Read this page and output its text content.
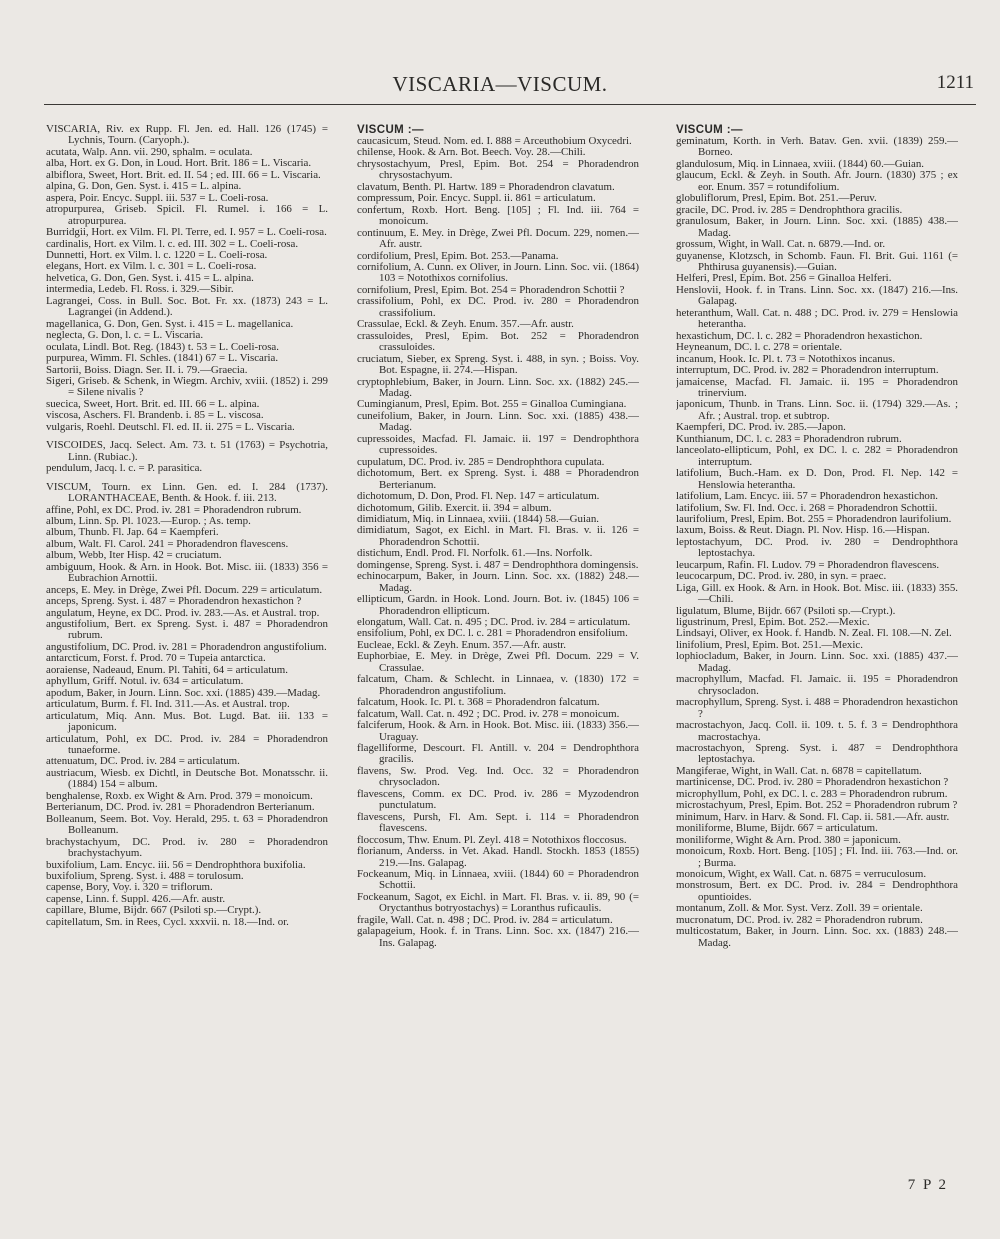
VISCARIA—VISCUM.	1211
VISCARIA, Riv. ex Rupp. Fl. Jen. ed. Hall. 126 (1745) = Lychnis, Tourn. (Caryoph.).
acutata, Walp. Ann. vii. 290, sphalm. = oculata.
alba, Hort. ex G. Don, in Loud. Hort. Brit. 186 = L. Viscaria.
albiflora, Sweet, Hort. Brit. ed. II. 54 ; ed. III. 66 = L. Viscaria.
alpina, G. Don, Gen. Syst. i. 415 = L. alpina.
aspera, Poir. Encyc. Suppl. iii. 537 = L. Coeli-rosa.
atropurpurea, Griseb. Spicil. Fl. Rumel. i. 166 = L. atropurpurea.
Burridgii, Hort. ex Vilm. Fl. Pl. Terre, ed. I. 957 = L. Coeli-rosa.
cardinalis, Hort. ex Vilm. l. c. ed. III. 302 = L. Coeli-rosa.
Dunnetti, Hort. ex Vilm. l. c. 1220 = L. Coeli-rosa.
elegans, Hort. ex Vilm. l. c. 301 = L. Coeli-rosa.
helvetica, G. Don, Gen. Syst. i. 415 = L. alpina.
intermedia, Ledeb. Fl. Ross. i. 329.—Sibir.
Lagrangei, Coss. in Bull. Soc. Bot. Fr. xx. (1873) 243 = L. Lagrangei (in Addend.).
magellanica, G. Don, Gen. Syst. i. 415 = L. magellanica.
neglecta, G. Don, l. c. = L. Viscaria.
oculata, Lindl. Bot. Reg. (1843) t. 53 = L. Coeli-rosa.
purpurea, Wimm. Fl. Schles. (1841) 67 = L. Viscaria.
Sartorii, Boiss. Diagn. Ser. II. i. 79.—Graecia.
Sigeri, Griseb. & Schenk, in Wiegm. Archiv, xviii. (1852) i. 299 = Silene nivalis ?
suecica, Sweet, Hort. Brit. ed. III. 66 = L. alpina.
viscosa, Aschers. Fl. Brandenb. i. 85 = L. viscosa.
vulgaris, Roehl. Deutschl. Fl. ed. II. ii. 275 = L. Viscaria.
VISCOIDES, Jacq. Select. Am. 73. t. 51 (1763) = Psychotria, Linn. (Rubiac.).
pendulum, Jacq. l. c. = P. parasitica.
VISCUM, Tourn. ex Linn. Gen. ed. I. 284 (1737). LORANTHACEAE, Benth. & Hook. f. iii. 213.
affine, Pohl, ex DC. Prod. iv. 281 = Phoradendron rubrum.
album, Linn. Sp. Pl. 1023.—Europ. ; As. temp.
album, Thunb. Fl. Jap. 64 = Kaempferi.
album, Walt. Fl. Carol. 241 = Phoradendron flavescens.
album, Webb, Iter Hisp. 42 = cruciatum.
ambiguum, Hook. & Arn. in Hook. Bot. Misc. iii. (1833) 356 = Eubrachion Arnottii.
anceps, E. Mey. in Drège, Zwei Pfl. Docum. 229 = articulatum.
anceps, Spreng. Syst. i. 487 = Phoradendron hexastichon ?
angulatum, Heyne, ex DC. Prod. iv. 283.—As. et Austral. trop.
angustifolium, Bert. ex Spreng. Syst. i. 487 = Phoradendron rubrum.
angustifolium, DC. Prod. iv. 281 = Phoradendron angustifolium.
antarcticum, Forst. f. Prod. 70 = Tupeia antarctica.
aoraiense, Nadeaud, Enum. Pl. Tahiti, 64 = articulatum.
aphyllum, Griff. Notul. iv. 634 = articulatum.
apodum, Baker, in Journ. Linn. Soc. xxi. (1885) 439.—Madag.
articulatum, Burm. f. Fl. Ind. 311.—As. et Austral. trop.
articulatum, Miq. Ann. Mus. Bot. Lugd. Bat. iii. 133 = japonicum.
articulatum, Pohl, ex DC. Prod. iv. 284 = Phoradendron tunaeforme.
attenuatum, DC. Prod. iv. 284 = articulatum.
austriacum, Wiesb. ex Dichtl, in Deutsche Bot. Monatsschr. ii. (1884) 154 = album.
benghalense, Roxb. ex Wight & Arn. Prod. 379 = monoicum.
Berterianum, DC. Prod. iv. 281 = Phoradendron Berterianum.
Bolleanum, Seem. Bot. Voy. Herald, 295. t. 63 = Phoradendron Bolleanum.
brachystachyum, DC. Prod. iv. 280 = Phoradendron brachystachyum.
buxifolium, Lam. Encyc. iii. 56 = Dendrophthora buxifolia.
buxifolium, Spreng. Syst. i. 488 = torulosum.
capense, Bory, Voy. i. 320 = triflorum.
capense, Linn. f. Suppl. 426.—Afr. austr.
capillare, Blume, Bijdr. 667 (Psiloti sp.—Crypt.).
capitellatum, Sm. in Rees, Cycl. xxxvii. n. 18.—Ind. or.
VISCUM :—
caucasicum, Steud. Nom. ed. I. 888 = Arceuthobium Oxycedri.
chilense, Hook. & Arn. Bot. Beech. Voy. 28.—Chili.
chrysostachyum, Presl, Epim. Bot. 254 = Phoradendron chrysostachyum.
clavatum, Benth. Pl. Hartw. 189 = Phoradendron clavatum.
compressum, Poir. Encyc. Suppl. ii. 861 = articulatum.
confertum, Roxb. Hort. Beng. [105] ; Fl. Ind. iii. 764 = monoicum.
continuum, E. Mey. in Drège, Zwei Pfl. Docum. 229, nomen.—Afr. austr.
cordifolium, Presl, Epim. Bot. 253.—Panama.
cornifolium, A. Cunn. ex Oliver, in Journ. Linn. Soc. vii. (1864) 103 = Notothixos cornifolius.
cornifolium, Presl, Epim. Bot. 254 = Phoradendron Schottii ?
crassifolium, Pohl, ex DC. Prod. iv. 280 = Phoradendron crassifolium.
Crassulae, Eckl. & Zeyh. Enum. 357.—Afr. austr.
crassuloides, Presl, Epim. Bot. 252 = Phoradendron crassuloides.
cruciatum, Sieber, ex Spreng. Syst. i. 488, in syn. ; Boiss. Voy. Bot. Espagne, ii. 274.—Hispan.
cryptophlebium, Baker, in Journ. Linn. Soc. xx. (1882) 245.—Madag.
Cumingianum, Presl, Epim. Bot. 255 = Ginalloa Cumingiana.
cuneifolium, Baker, in Journ. Linn. Soc. xxi. (1885) 438.—Madag.
cupressoides, Macfad. Fl. Jamaic. ii. 197 = Dendrophthora cupressoides.
cupulatum, DC. Prod. iv. 285 = Dendrophthora cupulata.
dichotomum, Bert. ex Spreng. Syst. i. 488 = Phoradendron Berterianum.
dichotomum, D. Don, Prod. Fl. Nep. 147 = articulatum.
dichotomum, Gilib. Exercit. ii. 394 = album.
dimidiatum, Miq. in Linnaea, xviii. (1844) 58.—Guian.
dimidiatum, Sagot, ex Eichl. in Mart. Fl. Bras. v. ii. 126 = Phoradendron Schottii.
distichum, Endl. Prod. Fl. Norfolk. 61.—Ins. Norfolk.
domingense, Spreng. Syst. i. 487 = Dendrophthora domingensis.
echinocarpum, Baker, in Journ. Linn. Soc. xx. (1882) 248.—Madag.
ellipticum, Gardn. in Hook. Lond. Journ. Bot. iv. (1845) 106 = Phoradendron ellipticum.
elongatum, Wall. Cat. n. 495 ; DC. Prod. iv. 284 = articulatum.
ensifolium, Pohl, ex DC. l. c. 281 = Phoradendron ensifolium.
Eucleae, Eckl. & Zeyh. Enum. 357.—Afr. austr.
Euphorbiae, E. Mey. in Drège, Zwei Pfl. Docum. 229 = V. Crassulae.
falcatum, Cham. & Schlecht. in Linnaea, v. (1830) 172 = Phoradendron angustifolium.
falcatum, Hook. Ic. Pl. t. 368 = Phoradendron falcatum.
falcatum, Wall. Cat. n. 492 ; DC. Prod. iv. 278 = monoicum.
falciferum, Hook. & Arn. in Hook. Bot. Misc. iii. (1833) 356.—Uraguay.
flagelliforme, Descourt. Fl. Antill. v. 204 = Dendrophthora gracilis.
flavens, Sw. Prod. Veg. Ind. Occ. 32 = Phoradendron chrysocladon.
flavescens, Comm. ex DC. Prod. iv. 286 = Myzodendron punctulatum.
flavescens, Pursh, Fl. Am. Sept. i. 114 = Phoradendron flavescens.
floccosum, Thw. Enum. Pl. Zeyl. 418 = Notothixos floccosus.
florianum, Anderss. in Vet. Akad. Handl. Stockh. 1853 (1855) 219.—Ins. Galapag.
Fockeanum, Miq. in Linnaea, xviii. (1844) 60 = Phoradendron Schottii.
Fockeanum, Sagot, ex Eichl. in Mart. Fl. Bras. v. ii. 89, 90 (= Oryctanthus botryostachys) = Loranthus ruficaulis.
fragile, Wall. Cat. n. 498 ; DC. Prod. iv. 284 = articulatum.
galapageium, Hook. f. in Trans. Linn. Soc. xx. (1847) 216.—Ins. Galapag.
VISCUM :—
geminatum, Korth. in Verh. Batav. Gen. xvii. (1839) 259.—Borneo.
glandulosum, Miq. in Linnaea, xviii. (1844) 60.—Guian.
glaucum, Eckl. & Zeyh. in South. Afr. Journ. (1830) 375 ; ex eor. Enum. 357 = rotundifolium.
globuliflorum, Presl, Epim. Bot. 251.—Peruv.
gracile, DC. Prod. iv. 285 = Dendrophthora gracilis.
granulosum, Baker, in Journ. Linn. Soc. xxi. (1885) 438.—Madag.
grossum, Wight, in Wall. Cat. n. 6879.—Ind. or.
guyanense, Klotzsch, in Schomb. Faun. Fl. Brit. Gui. 1161 (= Phthirusa guyanensis).—Guian.
Helferi, Presl, Epim. Bot. 256 = Ginalloa Helferi.
Henslovii, Hook. f. in Trans. Linn. Soc. xx. (1847) 216.—Ins. Galapag.
heteranthum, Wall. Cat. n. 488 ; DC. Prod. iv. 279 = Henslowia heterantha.
hexastichum, DC. l. c. 282 = Phoradendron hexastichon.
Heyneanum, DC. l. c. 278 = orientale.
incanum, Hook. Ic. Pl. t. 73 = Notothixos incanus.
interruptum, DC. Prod. iv. 282 = Phoradendron interruptum.
jamaicense, Macfad. Fl. Jamaic. ii. 195 = Phoradendron trinervium.
japonicum, Thunb. in Trans. Linn. Soc. ii. (1794) 329.—As. ; Afr. ; Austral. trop. et subtrop.
Kaempferi, DC. Prod. iv. 285.—Japon.
Kunthianum, DC. l. c. 283 = Phoradendron rubrum.
lanceolato-ellipticum, Pohl, ex DC. l. c. 282 = Phoradendron interruptum.
latifolium, Buch.-Ham. ex D. Don, Prod. Fl. Nep. 142 = Henslowia heterantha.
latifolium, Lam. Encyc. iii. 57 = Phoradendron hexastichon.
latifolium, Sw. Fl. Ind. Occ. i. 268 = Phoradendron Schottii.
laurifolium, Presl, Epim. Bot. 255 = Phoradendron laurifolium.
laxum, Boiss. & Reut. Diagn. Pl. Nov. Hisp. 16.—Hispan.
leptostachyum, DC. Prod. iv. 280 = Dendrophthora leptostachya.
leucarpum, Rafin. Fl. Ludov. 79 = Phoradendron flavescens.
leucocarpum, DC. Prod. iv. 280, in syn. = praec.
Liga, Gill. ex Hook. & Arn. in Hook. Bot. Misc. iii. (1833) 355.—Chili.
ligulatum, Blume, Bijdr. 667 (Psiloti sp.—Crypt.).
ligustrinum, Presl, Epim. Bot. 252.—Mexic.
Lindsayi, Oliver, ex Hook. f. Handb. N. Zeal. Fl. 108.—N. Zel.
linifolium, Presl, Epim. Bot. 251.—Mexic.
lophiocladum, Baker, in Journ. Linn. Soc. xxi. (1885) 437.—Madag.
macrophyllum, Macfad. Fl. Jamaic. ii. 195 = Phoradendron chrysocladon.
macrophyllum, Spreng. Syst. i. 488 = Phoradendron hexastichon ?
macrostachyon, Jacq. Coll. ii. 109. t. 5. f. 3 = Dendrophthora macrostachya.
macrostachyon, Spreng. Syst. i. 487 = Dendrophthora leptostachya.
Mangiferae, Wight, in Wall. Cat. n. 6878 = capitellatum.
martinicense, DC. Prod. iv. 280 = Phoradendron hexastichon ?
microphyllum, Pohl, ex DC. l. c. 283 = Phoradendron rubrum.
microstachyum, Presl, Epim. Bot. 252 = Phoradendron rubrum ?
minimum, Harv. in Harv. & Sond. Fl. Cap. ii. 581.—Afr. austr.
moniliforme, Blume, Bijdr. 667 = articulatum.
moniliforme, Wight & Arn. Prod. 380 = japonicum.
monoicum, Roxb. Hort. Beng. [105] ; Fl. Ind. iii. 763.—Ind. or. ; Burma.
monoicum, Wight, ex Wall. Cat. n. 6875 = verruculosum.
monstrosum, Bert. ex DC. Prod. iv. 284 = Dendrophthora opuntioides.
montanum, Zoll. & Mor. Syst. Verz. Zoll. 39 = orientale.
mucronatum, DC. Prod. iv. 282 = Phoradendron rubrum.
multicostatum, Baker, in Journ. Linn. Soc. xx. (1883) 248.—Madag.
7 P 2
